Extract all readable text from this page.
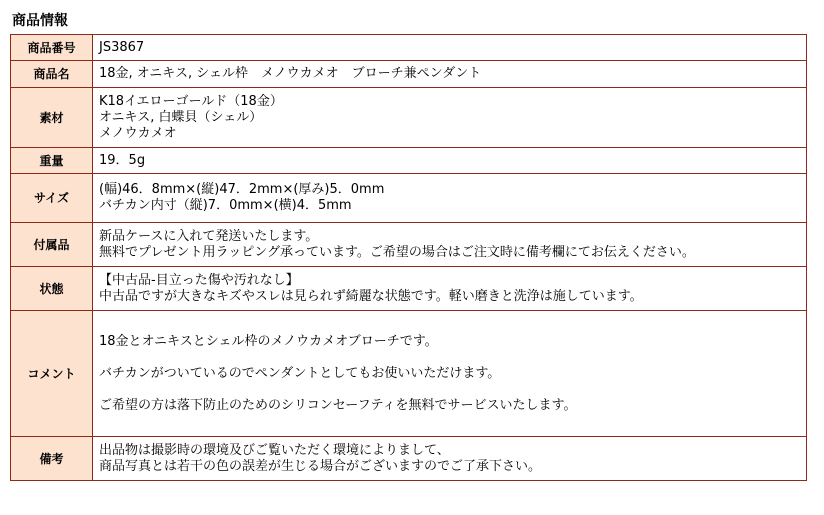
商品情報
商品番号	JS3867

商品名	18金, オニキス, シェル枠　メノウカメオ　ブローチ兼ペンダント

素材	K18イエローゴールド（18金）
オニキス, 白蝶貝（シェル）
メノウカメオ

重量	19．5g

サイズ	(幅)46．8mm×(縦)47．2mm×(厚み)5．0mm
バチカン内寸（縦)7．0mm×(横)4．5mm

付属品	新品ケースに入れて発送いたします。
無料でプレゼント用ラッピング承っています。ご希望の場合はご注文時に備考欄にてお伝えください。

状態	【中古品-目立った傷や汚れなし】
中古品ですが大きなキズやスレは見られず綺麗な状態です。軽い磨きと洗浄は施しています。

コメント	18金とオニキスとシェル枠のメノウカメオブローチです。
バチカンがついているのでペンダントとしてもお使いいただけます。
ご希望の方は落下防止のためのシリコンセーフティを無料でサービスいたします。

備考	出品物は撮影時の環境及びご覧いただく環境によりまして、
商品写真とは若干の色の誤差が生じる場合がございますのでご了承下さい。
